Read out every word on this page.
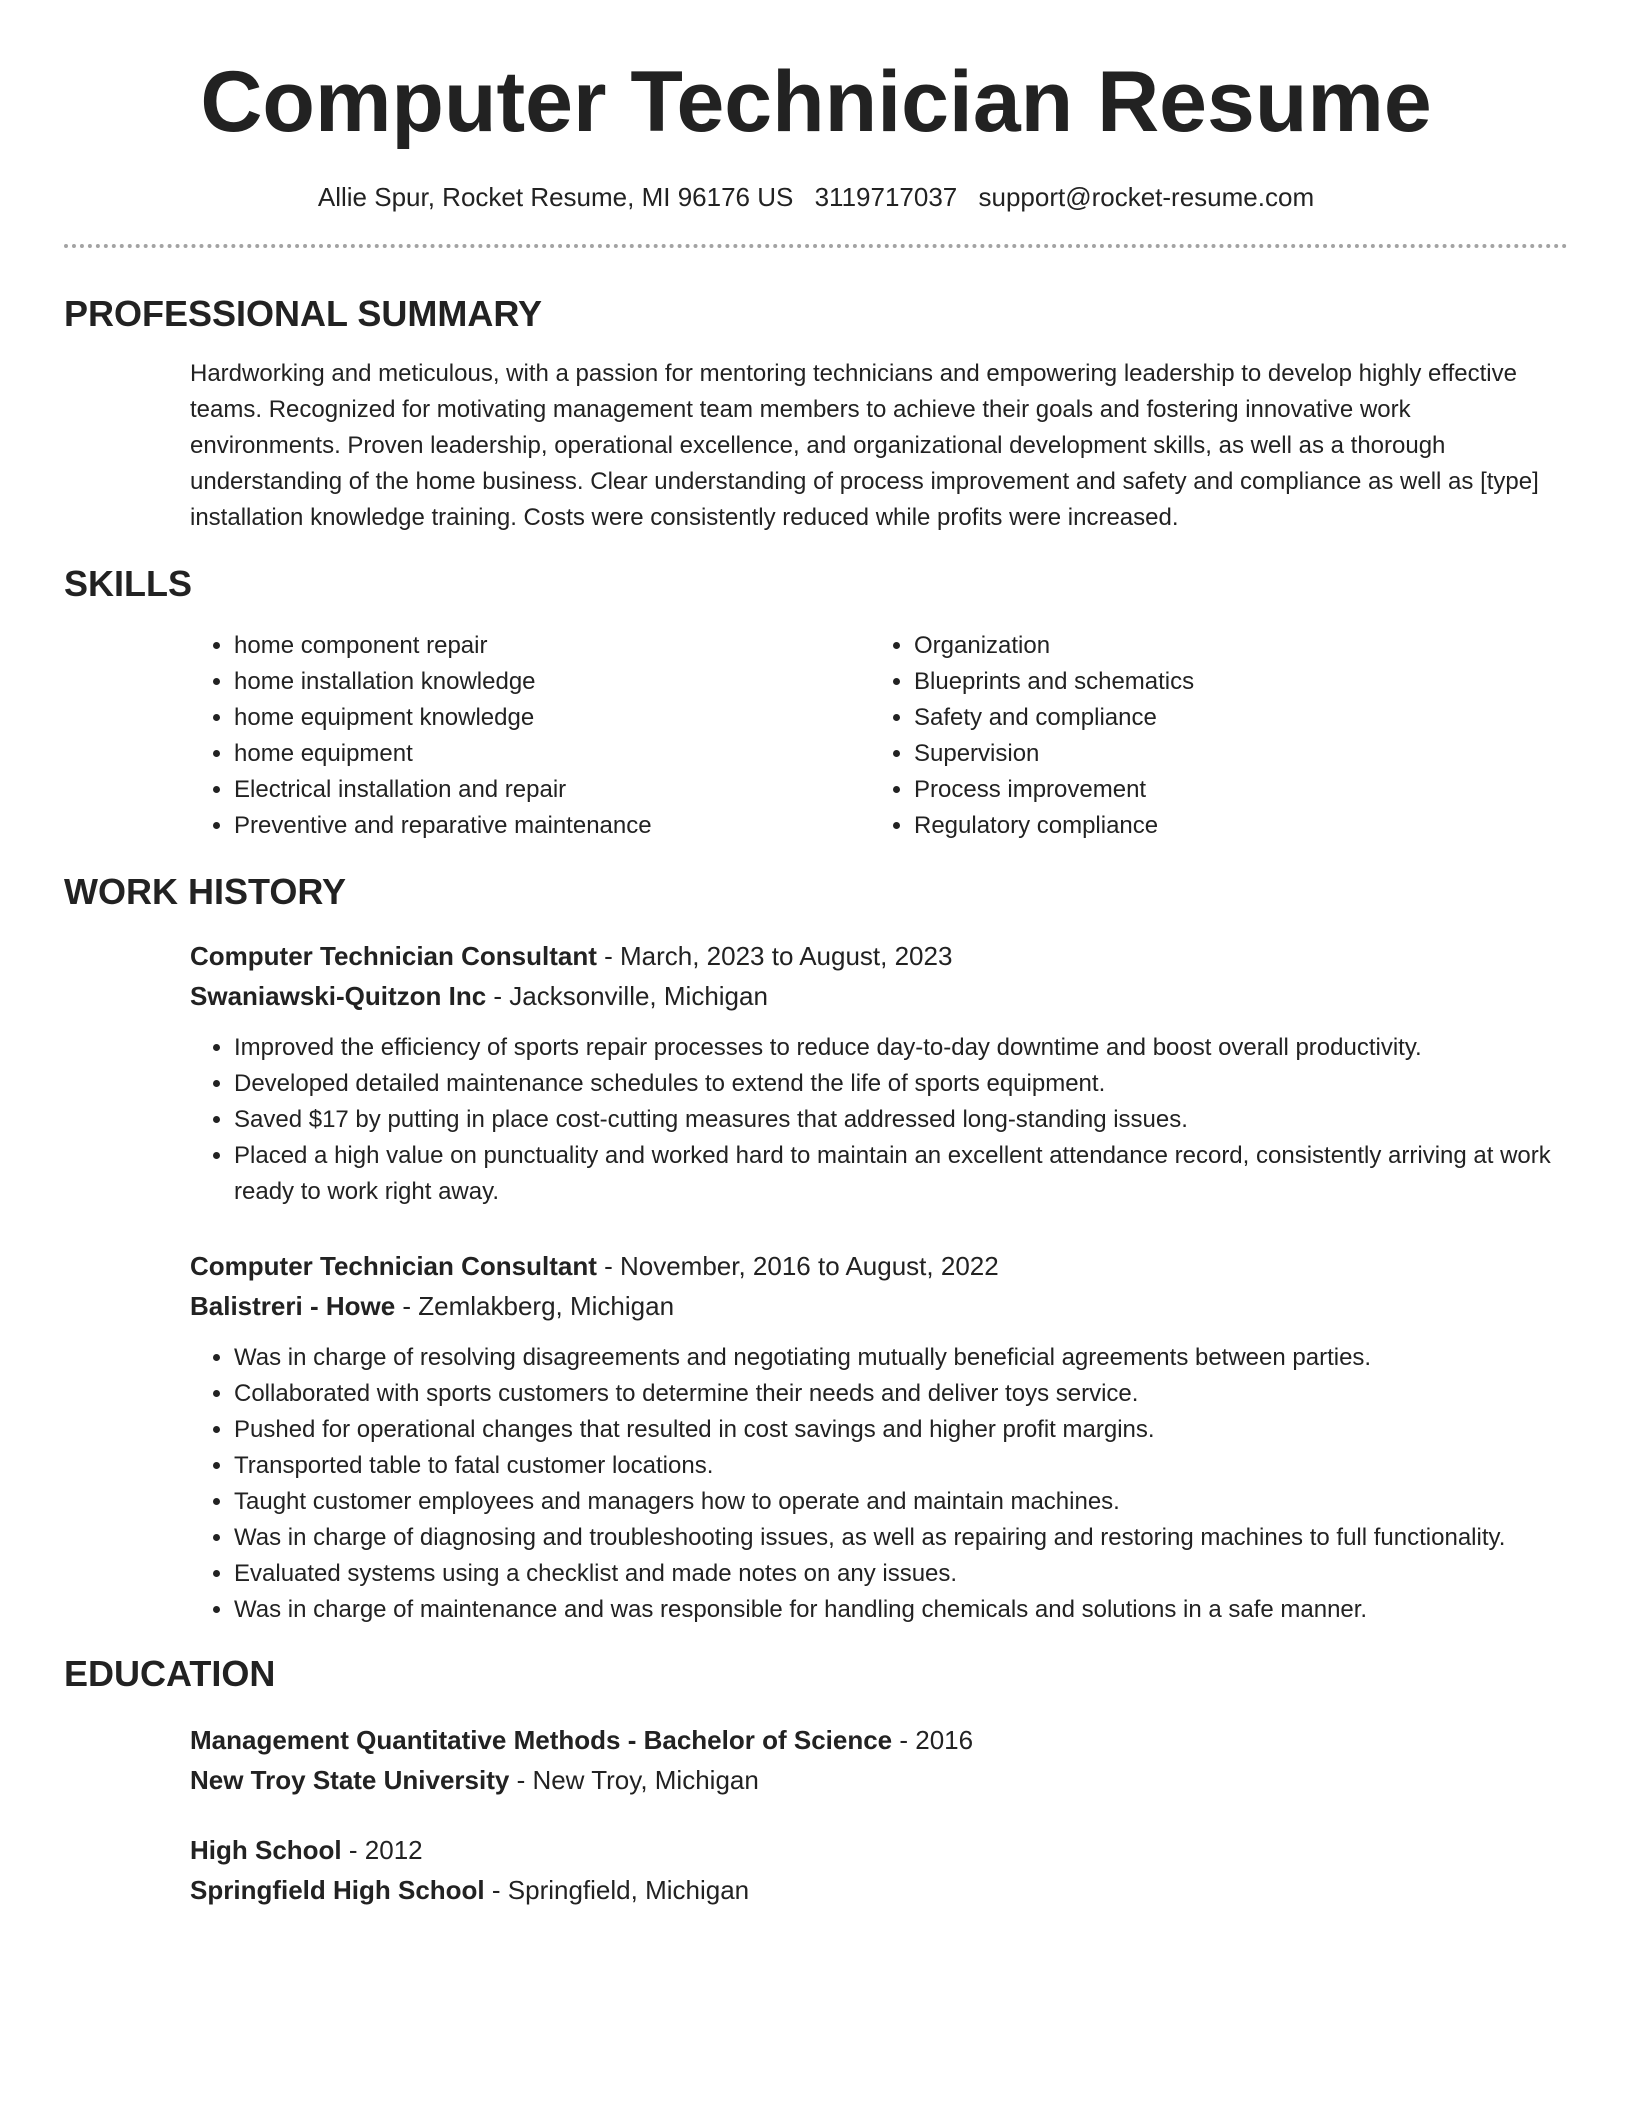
Computer Technician Resume
Allie Spur, Rocket Resume, MI 96176 US 3119717037 support@rocket-resume.com
PROFESSIONAL SUMMARY

Hardworking and meticulous, with a passion for mentoring technicians and empowering leadership to develop highly effective teams. Recognized for motivating management team members to achieve their goals and fostering innovative work environments. Proven leadership, operational excellence, and organizational development skills, as well as a thorough understanding of the home business. Clear understanding of process improvement and safety and compliance as well as [type] installation knowledge training. Costs were consistently reduced while profits were increased.

SKILLS
• home component repair
• home installation knowledge
• home equipment knowledge
• home equipment
• Electrical installation and repair
• Preventive and reparative maintenance
• Organization
• Blueprints and schematics
• Safety and compliance
• Supervision
• Process improvement
• Regulatory compliance
WORK HISTORY
Computer Technician Consultant - March, 2023 to August, 2023
Swaniawski-Quitzon Inc - Jacksonville, Michigan
• Improved the efficiency of sports repair processes to reduce day-to-day downtime and boost overall productivity.
• Developed detailed maintenance schedules to extend the life of sports equipment.
• Saved $17 by putting in place cost-cutting measures that addressed long-standing issues.
• Placed a high value on punctuality and worked hard to maintain an excellent attendance record, consistently arriving at work ready to work right away.
Computer Technician Consultant - November, 2016 to August, 2022
Balistreri - Howe - Zemlakberg, Michigan
• Was in charge of resolving disagreements and negotiating mutually beneficial agreements between parties.
• Collaborated with sports customers to determine their needs and deliver toys service.
• Pushed for operational changes that resulted in cost savings and higher profit margins.
• Transported table to fatal customer locations.
• Taught customer employees and managers how to operate and maintain machines.
• Was in charge of diagnosing and troubleshooting issues, as well as repairing and restoring machines to full functionality.
• Evaluated systems using a checklist and made notes on any issues.
• Was in charge of maintenance and was responsible for handling chemicals and solutions in a safe manner.
EDUCATION
Management Quantitative Methods - Bachelor of Science - 2016
New Troy State University - New Troy, Michigan
High School - 2012
Springfield High School - Springfield, Michigan
